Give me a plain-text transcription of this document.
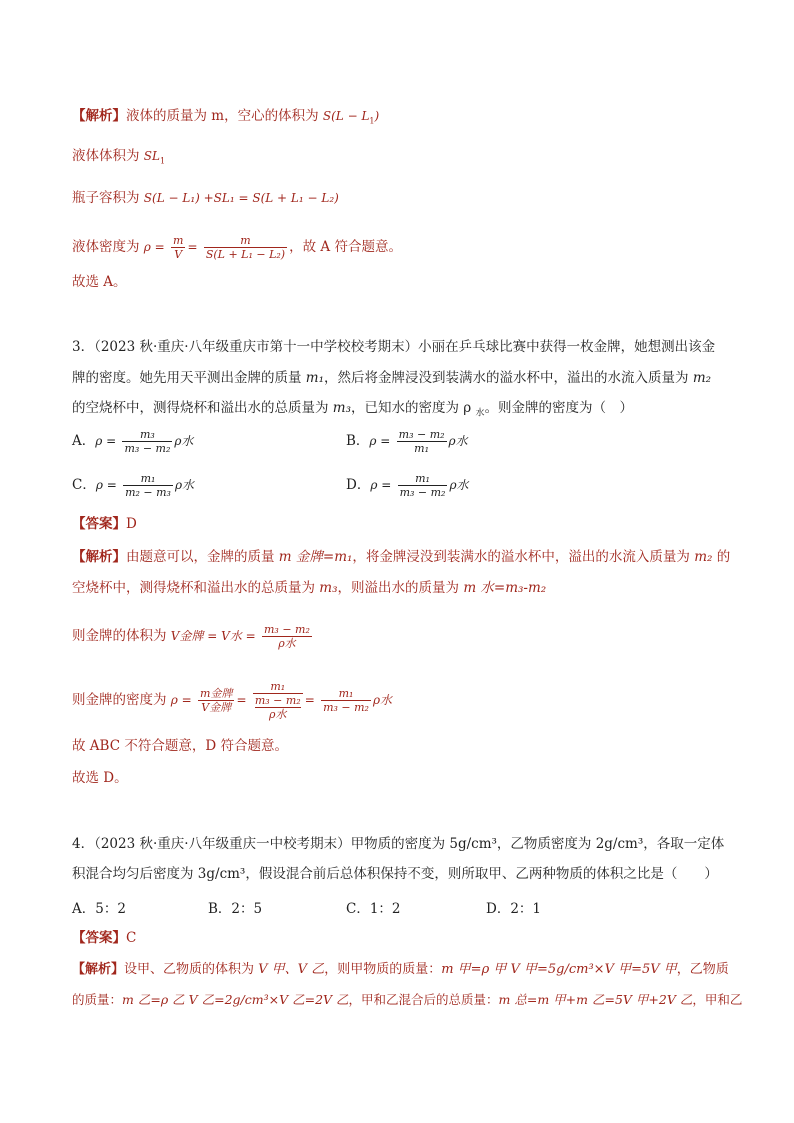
【解析】液体的质量为 m，空心的体积为 $S(L - L_1)$
液体体积为 $SL_1$
瓶子容积为 S(L − L₁) +SL₁ = S(L + L₁ − L₂)
液体密度为 $\rho = \frac{m}{V} = \frac{m}{\text{S(L + L₁ − L₂)}}$ ，故 A 符合题意。
故选 A。
3．（2023 秋·重庆·八年级重庆市第十一中学校校考期末）小丽在乒乓球比赛中获得一枚金牌，她想测出该金
牌的密度。她先用天平测出金牌的质量 m₁，然后将金牌浸没到装满水的溢水杯中，溢出的水流入质量为 m₂
的空烧杯中，测得烧杯和溢出水的总质量为 m₃，已知水的密度为 ρ $_水$。则金牌的密度为（　）
A．$\rho = \frac{\text{m₃}}{\text{m₃ − m₂}}$ ρ水	B．$\rho = \frac{\text{m₃ − m₂}}{\text{m₁}}$ ρ水
C．$\rho = \frac{\text{m₁}}{\text{m₂ − m₃}}$ ρ水	D．$\rho = \frac{\text{m₁}}{\text{m₃ − m₂}}$ ρ水
【答案】D
【解析】由题意可以，金牌的质量 m 金牌=m₁，将金牌浸没到装满水的溢水杯中，溢出的水流入质量为 m₂ 的
空烧杯中，测得烧杯和溢出水的总质量为 m₃，则溢出水的质量为 m 水=m₃-m₂
则金牌的体积为 V金牌 = V水 = $\frac{\text{m₃ − m₂}}{\text{ρ水}}$
则金牌的密度为 $\rho = \frac{\text{m金牌}}{\text{V金牌}} = m_1$
m₃ − m₂
ρ水 = $\frac{\text{m₁}}{\text{m₃ − m₂}}$ ρ水
故 ABC 不符合题意，D 符合题意。
故选 D。
4．（2023 秋·重庆·八年级重庆一中校考期末）甲物质的密度为 5g/cm³，乙物质密度为 2g/cm³，各取一定体
积混合均匀后密度为 3g/cm³，假设混合前后总体积保持不变，则所取甲、乙两种物质的体积之比是（　　）
A．5：2	B．2：5	C．1：2	D．2：1
【答案】C
【解析】设甲、乙物质的体积为 V 甲、V 乙，则甲物质的质量：m 甲=ρ 甲 V 甲=5g/cm³×V 甲=5V 甲，乙物质
的质量：m 乙=ρ 乙 V 乙=2g/cm³×V 乙=2V 乙，甲和乙混合后的总质量：m 总=m 甲+m 乙=5V 甲+2V 乙，甲和乙
